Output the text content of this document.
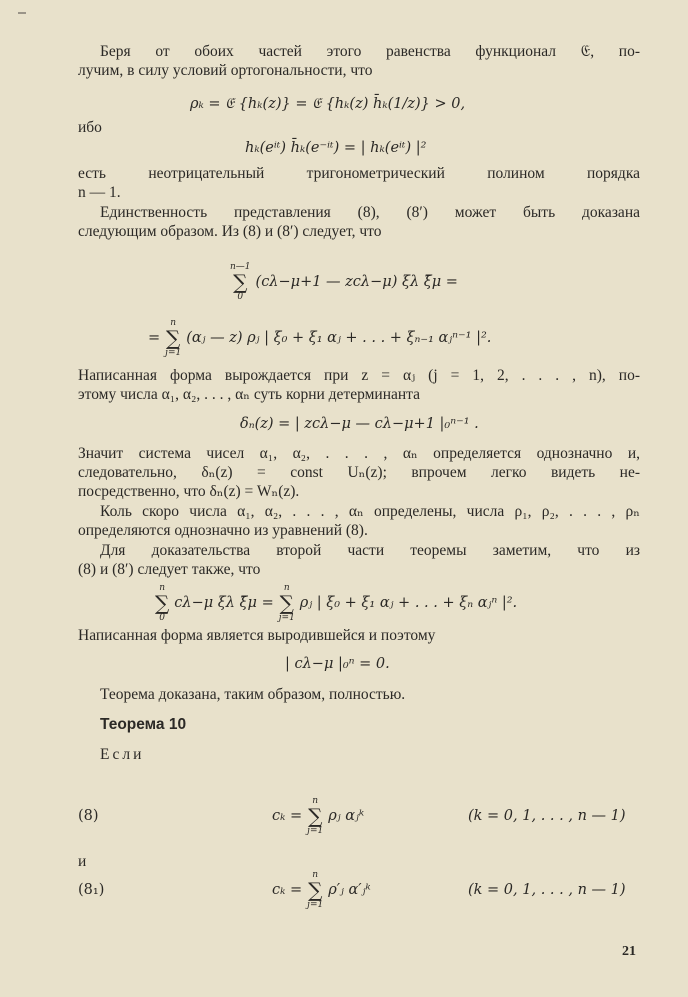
Беря от обоих частей этого равенства функционал 𝔈, по-
лучим, в силу условий ортогональности, что
ρₖ = 𝔈 {hₖ(z)} = 𝔈 {hₖ(z) h̄ₖ(1/z)} > 0,
ибо
hₖ(eⁱᵗ) h̄ₖ(e⁻ⁱᵗ) = | hₖ(eⁱᵗ) |²
есть неотрицательный тригонометрический полином порядка
n — 1.
Единственность представления (8), (8′) может быть доказана
следующим образом. Из (8) и (8′) следует, что
n—1
∑
0
(cλ−μ+1 — zcλ−μ) ξλ ξ̄μ =
=
n
∑
j=1
(αⱼ — z) ρⱼ | ξ₀ + ξ₁ αⱼ + . . . + ξₙ₋₁ αⱼⁿ⁻¹ |².
Написанная форма вырождается при z = αⱼ (j = 1, 2, . . . , n), по-
этому числа α₁, α₂, . . . , αₙ суть корни детерминанта
δₙ(z) = | zcλ−μ — cλ−μ+1 |₀ⁿ⁻¹ .
Значит система чисел α₁, α₂, . . . , αₙ определяется однозначно и,
следовательно, δₙ(z) = const Uₙ(z); впрочем легко видеть не-
посредственно, что δₙ(z) = Wₙ(z).
Коль скоро числа α₁, α₂, . . . , αₙ определены, числа ρ₁, ρ₂, . . . , ρₙ
определяются однозначно из уравнений (8).
Для доказательства второй части теоремы заметим, что из
(8) и (8′) следует также, что
n
∑
0
cλ−μ ξλ ξ̄μ =
n
∑
j=1
ρⱼ | ξ₀ + ξ₁ αⱼ + . . . + ξₙ αⱼⁿ |².
Написанная форма является выродившейся и поэтому
| cλ−μ |₀ⁿ = 0.
Теорема доказана, таким образом, полностью.
Теорема 10
Если
(8)	cₖ =
n
∑
j=1
ρⱼ αⱼᵏ	(k = 0, 1, . . . , n — 1)
и
(8₁)	cₖ =
n
∑
j=1
ρ′ⱼ α′ⱼᵏ	(k = 0, 1, . . . , n — 1)
21
